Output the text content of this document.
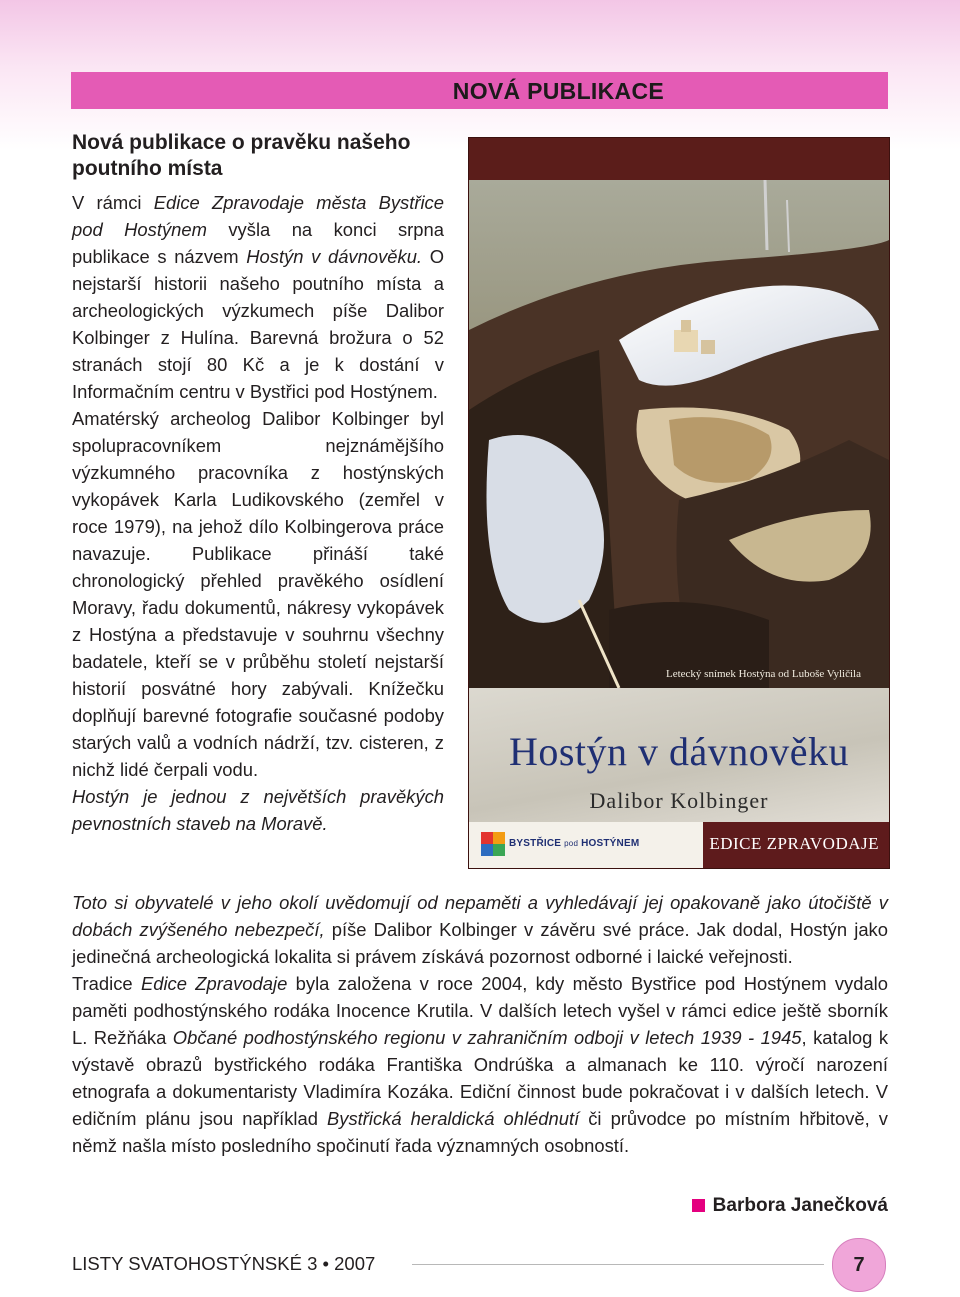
NOVÁ PUBLIKACE
Nová publikace o pravěku našeho poutního místa

V rámci Edice Zpravodaje města Bystřice pod Hostýnem vyšla na konci srpna publikace s názvem Hostýn v dávnověku. O nejstarší historii našeho poutního místa a archeologických výzkumech píše Dalibor Kolbinger z Hulína. Barevná brožura o 52 stranách stojí 80 Kč a je k dostání v Informačním centru v Bystřici pod Hostýnem.

Amatérský archeolog Dalibor Kolbinger byl spolupracovníkem nejznámějšího výzkumného pracovníka z hostýnských vykopávek Karla Ludikovského (zemřel v roce 1979), na jehož dílo Kolbingerova práce navazuje. Publikace přináší také chronologický přehled pravěkého osídlení Moravy, řadu dokumentů, nákresy vykopávek z Hostýna a představuje v souhrnu všechny badatele, kteří se v průběhu století nejstarší historií posvátné hory zabývali. Knížečku doplňují barevné fotografie současné podoby starých valů a vodních nádrží, tzv. cisteren, z nichž lidé čerpali vodu.

Hostýn je jednou z největších pravěkých pevnostních staveb na Moravě.

Letecký snímek Hostýna od Luboše Vyličila
Hostýn v dávnověku
Dalibor Kolbinger
BYSTŘICE pod HOSTÝNEM	EDICE ZPRAVODAJE

Toto si obyvatelé v jeho okolí uvědomují od nepaměti a vyhledávají jej opakovaně jako útočiště v dobách zvýšeného nebezpečí, píše Dalibor Kolbinger v závěru své práce. Jak dodal, Hostýn jako jedinečná archeologická lokalita si právem získává pozornost odborné i laické veřejnosti.

Tradice Edice Zpravodaje byla založena v roce 2004, kdy město Bystřice pod Hostýnem vydalo paměti podhostýnského rodáka Inocence Krutila. V dalších letech vyšel v rámci edice ještě sborník L. Režňáka Občané podhostýnského regionu v zahraničním odboji v letech 1939 - 1945, katalog k výstavě obrazů bystřického rodáka Františka Ondrúška a almanach ke 110. výročí narození etnografa a dokumentaristy Vladimíra Kozáka. Ediční činnost bude pokračovat i v dalších letech. V edičním plánu jsou například Bystřická heraldická ohlédnutí či průvodce po místním hřbitově, v němž našla místo posledního spočinutí řada významných osobností.

Barbora Janečková
LISTY SVATOHOSTÝNSKÉ 3 • 2007	7
